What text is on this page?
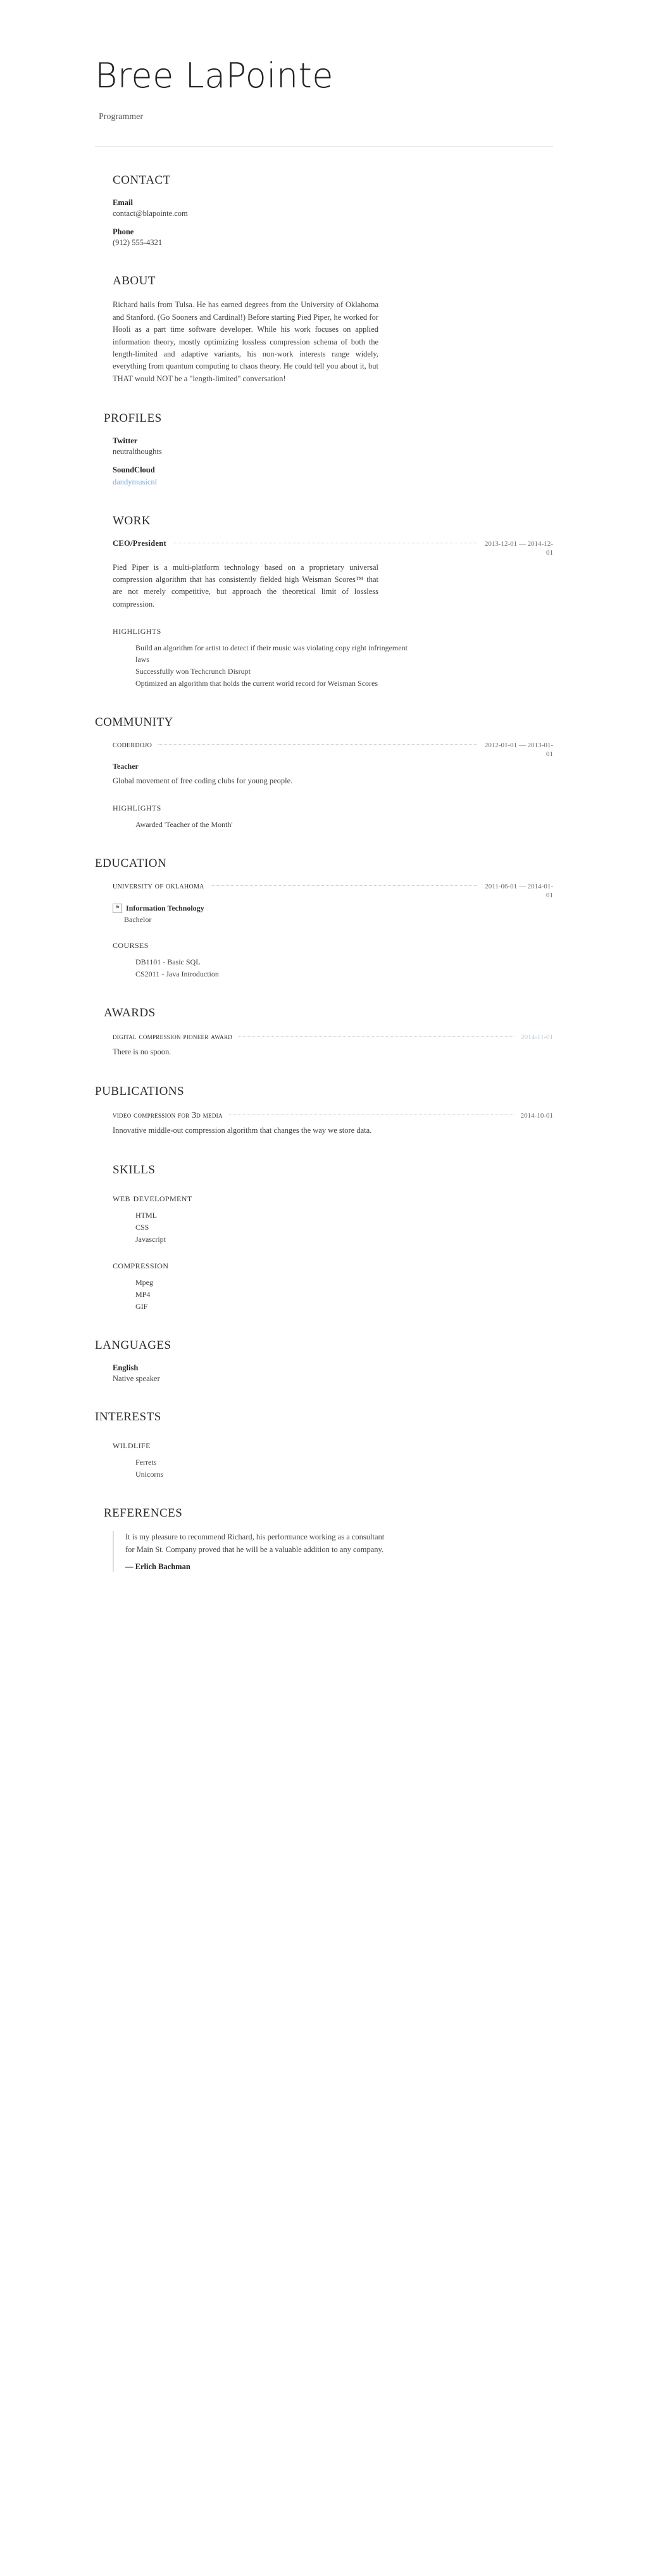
Bree LaPointe
Programmer
contact
Email
contact@blapointe.com
Phone
(912) 555-4321
about

Richard hails from Tulsa. He has earned degrees from the University of Oklahoma and Stanford. (Go Sooners and Cardinal!) Before starting Pied Piper, he worked for Hooli as a part time software developer. While his work focuses on applied information theory, mostly optimizing lossless compression schema of both the length-limited and adaptive variants, his non-work interests range widely, everything from quantum computing to chaos theory. He could tell you about it, but THAT would NOT be a "length-limited" conversation!

profiles
Twitter
neutralthoughts
SoundCloud
dandymusicnl
work
CEO/President	2013-12-01 — 2014-12-01

Pied Piper is a multi-platform technology based on a proprietary universal compression algorithm that has consistently fielded high Weisman Scores™ that are not merely competitive, but approach the theoretical limit of lossless compression.

highlights
Build an algorithm for artist to detect if their music was violating copy right infringement laws
Successfully won Techcrunch Disrupt
Optimized an algorithm that holds the current world record for Weisman Scores
community
coderdojo	2012-01-01 — 2013-01-01
Teacher

Global movement of free coding clubs for young people.

highlights
Awarded 'Teacher of the Month'
education
university of oklahoma	2011-06-01 — 2014-01-01
⚑ Information Technology
Bachelor
courses
DB1101 - Basic SQL
CS2011 - Java Introduction
awards
digital compression pioneer award	2014-11-01

There is no spoon.

publications
video compression for 3d media	2014-10-01

Innovative middle-out compression algorithm that changes the way we store data.

skills
web development
HTML
CSS
Javascript
compression
Mpeg
MP4
GIF
languages
English
Native speaker
interests
wildlife
Ferrets
Unicorns
references

It is my pleasure to recommend Richard, his performance working as a consultant for Main St. Company proved that he will be a valuable addition to any company.

— Erlich Bachman
